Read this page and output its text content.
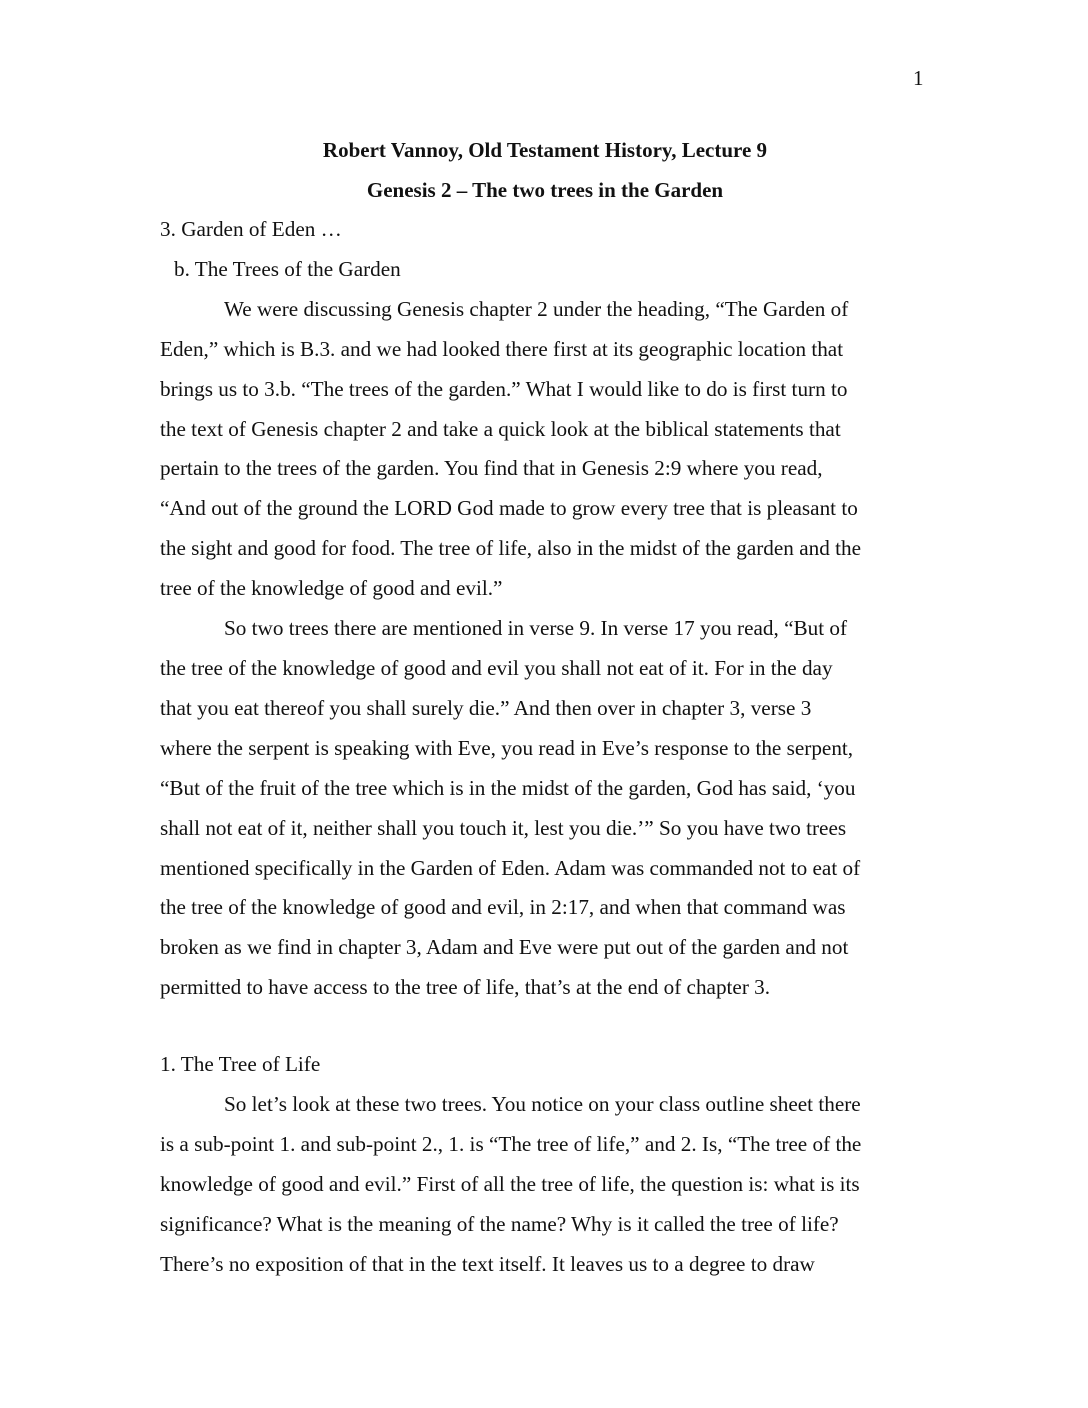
1
Robert Vannoy, Old Testament History, Lecture 9
Genesis 2 – The two trees in the Garden
3. Garden of Eden …
b. The Trees of the Garden
We were discussing Genesis chapter 2 under the heading, “The Garden of
Eden,” which is B.3. and we had looked there first at its geographic location that
brings us to 3.b. “The trees of the garden.” What I would like to do is first turn to
the text of Genesis chapter 2 and take a quick look at the biblical statements that
pertain to the trees of the garden. You find that in Genesis 2:9 where you read,
“And out of the ground the LORD God made to grow every tree that is pleasant to
the sight and good for food. The tree of life, also in the midst of the garden and the
tree of the knowledge of good and evil.”
So two trees there are mentioned in verse 9. In verse 17 you read, “But of
the tree of the knowledge of good and evil you shall not eat of it. For in the day
that you eat thereof you shall surely die.” And then over in chapter 3, verse 3
where the serpent is speaking with Eve, you read in Eve’s response to the serpent,
“But of the fruit of the tree which is in the midst of the garden, God has said, ‘you
shall not eat of it, neither shall you touch it, lest you die.’” So you have two trees
mentioned specifically in the Garden of Eden. Adam was commanded not to eat of
the tree of the knowledge of good and evil, in 2:17, and when that command was
broken as we find in chapter 3, Adam and Eve were put out of the garden and not
permitted to have access to the tree of life, that’s at the end of chapter 3.
1. The Tree of Life
So let’s look at these two trees. You notice on your class outline sheet there
is a sub-point 1. and sub-point 2., 1. is “The tree of life,” and 2. Is, “The tree of the
knowledge of good and evil.” First of all the tree of life, the question is: what is its
significance? What is the meaning of the name? Why is it called the tree of life?
There’s no exposition of that in the text itself. It leaves us to a degree to draw
